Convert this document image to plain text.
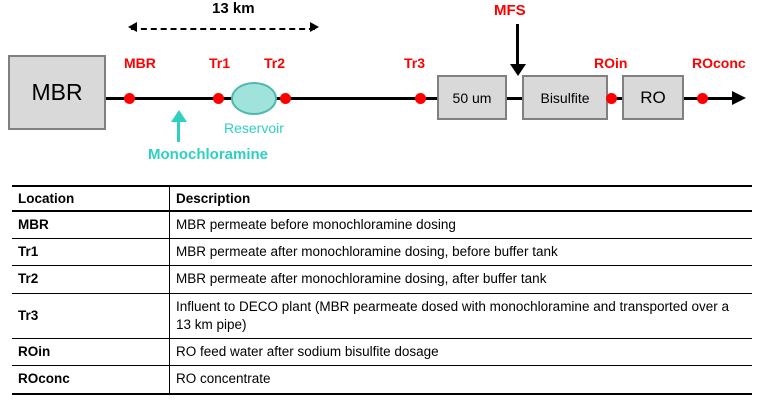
13 km	MFS
MBR	50 um	Bisulfite	RO
Reservoir
Monochloramine
MBR	Tr1 Tr2	Tr3	ROin	ROconc
Location	Description
MBR	MBR permeate before monochloramine dosing
Tr1	MBR permeate after monochloramine dosing, before buffer tank
Tr2	MBR permeate after monochloramine dosing, after buffer tank
Tr3	Influent to DECO plant (MBR pearmeate dosed with monochloramine and transported over a 13 km pipe)
ROin	RO feed water after sodium bisulfite dosage
ROconc	RO concentrate
